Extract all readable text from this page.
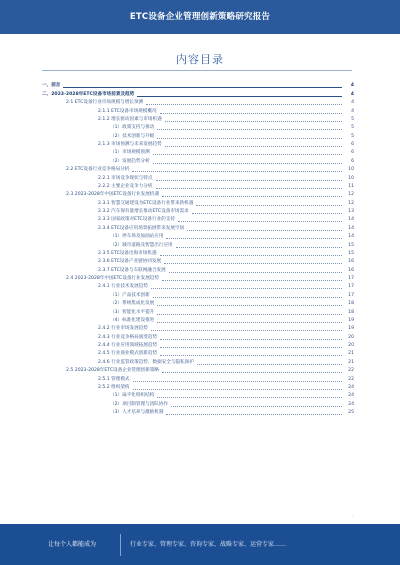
ETC设备企业管理创新策略研究报告
内容目录
一、前言	4
二、2023-2028年ETC设备市场前景及趋势	4
2.1 ETC设备行业市场规模与增长预测	4
2.1.1 ETC设备市场规模概况	4
2.1.2 增长驱动因素与市场机遇	5
（1）政策支持与推动	5
（2）技术创新与升级	5
2.1.3 市场预测与未来发展趋势	6
（1）市场规模预测	6
（2）发展趋势分析	6
2.2 ETC设备行业竞争格局分析	10
2.2.1 市场竞争现状与特点	10
2.2.2 主要企业竞争力分析	11
2.3 2023-2028年中国ETC设备行业发展机遇	12
2.3.1 智慧交通建设为ETC设备行业带来新机遇	12
2.3.2 汽车保有量增长推动ETC设备市场需求	13
2.3.3 国家政策对ETC设备行业的支持	14
2.3.4 ETC设备应用场景拓展带来发展空间	14
（1）停车场及加油站应用	14
（2）城市道路及智慧出行应用	15
2.3.5 ETC设备出海市场机遇	15
2.3.6 ETC设备产业链协同发展	16
2.3.7 ETC设备与车联网融合发展	16
2.4 2023-2028年中国ETC设备行业发展趋势	17
2.4.1 行业技术发展趋势	17
（1）产品技术创新	17
（2）系统集成化发展	18
（3）智能化水平提升	18
（4）标准化建设推进	19
2.4.2 行业市场发展趋势	19
2.4.3 行业竞争格局演变趋势	20
2.4.4 行业应用领域拓展趋势	20
2.4.5 行业商业模式创新趋势	21
2.4.6 行业监管政策趋势、数据安全与隐私保护	21
2.5 2023-2028年ETC设备企业管理创新策略	22
2.5.1 管理模式	22
2.5.2 组织架构	24
（1）扁平化组织结构	24
（2）项目制管理与团队协作	24
（3）人才培养与激励机制	25
-
让每个人都能成为	行业专家、管理专家、咨询专家、战略专家、运营专家……
